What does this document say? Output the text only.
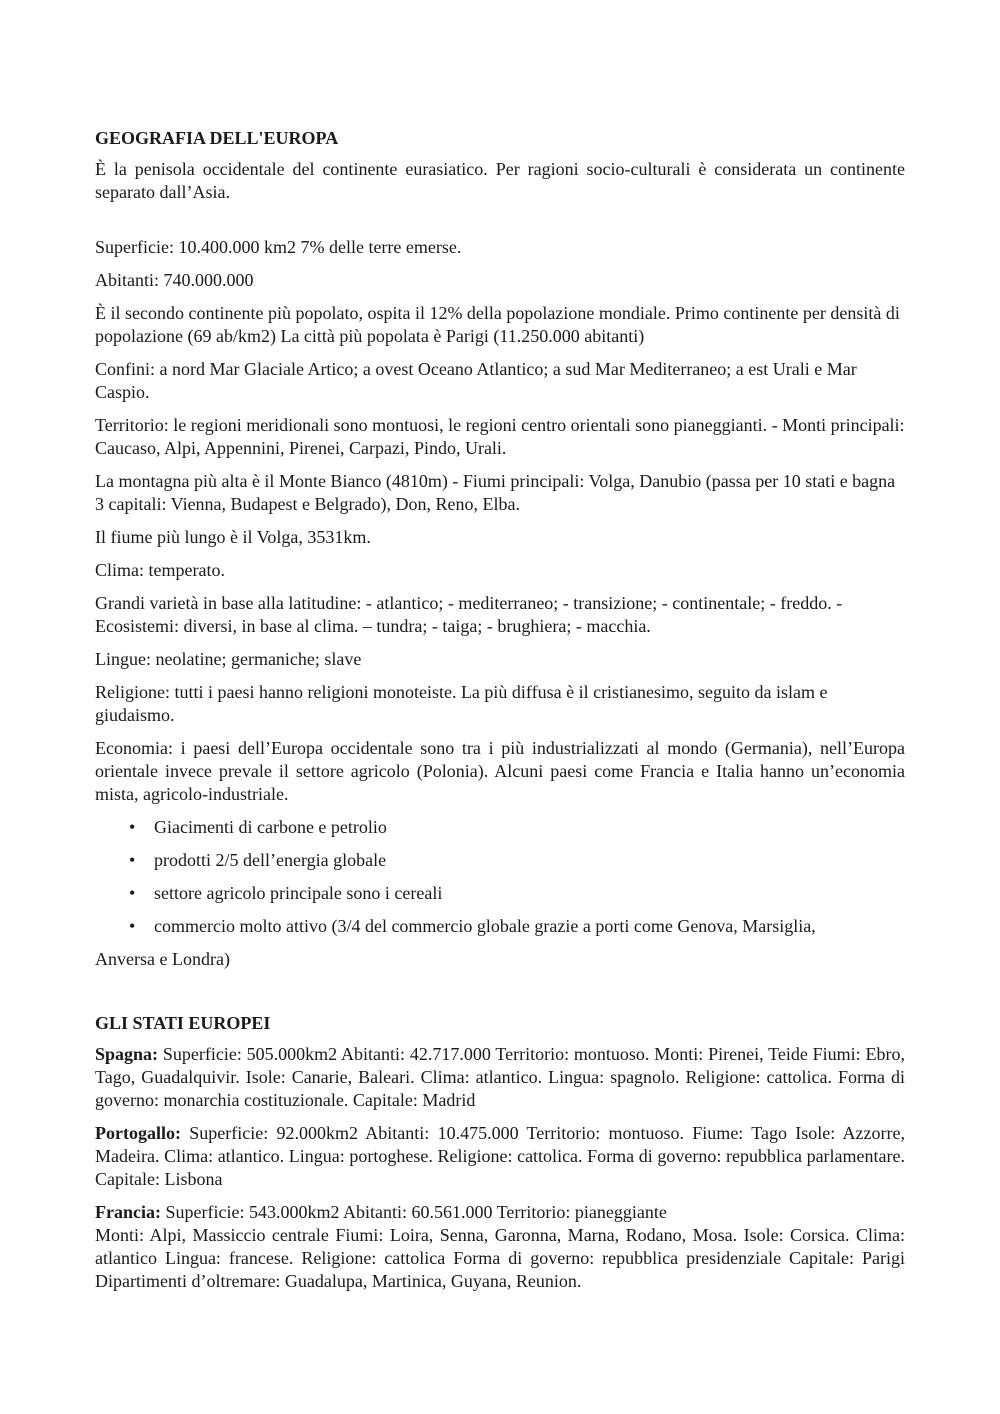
GEOGRAFIA DELL'EUROPA
È la penisola occidentale del continente eurasiatico. Per ragioni socio-culturali è considerata un continente separato dall’Asia.
Superficie: 10.400.000 km2 7% delle terre emerse.
Abitanti: 740.000.000
È il secondo continente più popolato, ospita il 12% della popolazione mondiale. Primo continente per densità di popolazione (69 ab/km2) La città più popolata è Parigi (11.250.000 abitanti)
Confini: a nord Mar Glaciale Artico; a ovest Oceano Atlantico; a sud Mar Mediterraneo; a est Urali e Mar Caspio.
Territorio: le regioni meridionali sono montuosi, le regioni centro orientali sono pianeggianti. - Monti principali: Caucaso, Alpi, Appennini, Pirenei, Carpazi, Pindo, Urali.
La montagna più alta è il Monte Bianco (4810m) - Fiumi principali: Volga, Danubio (passa per 10 stati e bagna 3 capitali: Vienna, Budapest e Belgrado), Don, Reno, Elba.
Il fiume più lungo è il Volga, 3531km.
Clima: temperato.
Grandi varietà in base alla latitudine: - atlantico; - mediterraneo; - transizione; - continentale; - freddo. - Ecosistemi: diversi, in base al clima. – tundra; - taiga; - brughiera; - macchia.
Lingue: neolatine; germaniche; slave
Religione: tutti i paesi hanno religioni monoteiste. La più diffusa è il cristianesimo, seguito da islam e giudaismo.
Economia: i paesi dell’Europa occidentale sono tra i più industrializzati al mondo (Germania), nell’Europa orientale invece prevale il settore agricolo (Polonia). Alcuni paesi come Francia e Italia hanno un’economia mista, agricolo-industriale.
• Giacimenti di carbone e petrolio
• prodotti 2/5 dell’energia globale
• settore agricolo principale sono i cereali
• commercio molto attivo (3/4 del commercio globale grazie a porti come Genova, Marsiglia,
Anversa e Londra)
GLI STATI EUROPEI
Spagna: Superficie: 505.000km2 Abitanti: 42.717.000 Territorio: montuoso. Monti: Pirenei, Teide Fiumi: Ebro, Tago, Guadalquivir. Isole: Canarie, Baleari. Clima: atlantico. Lingua: spagnolo. Religione: cattolica. Forma di governo: monarchia costituzionale. Capitale: Madrid
Portogallo: Superficie: 92.000km2 Abitanti: 10.475.000 Territorio: montuoso. Fiume: Tago Isole: Azzorre, Madeira. Clima: atlantico. Lingua: portoghese. Religione: cattolica. Forma di governo: repubblica parlamentare. Capitale: Lisbona
Francia: Superficie: 543.000km2 Abitanti: 60.561.000 Territorio: pianeggiante
Monti: Alpi, Massiccio centrale Fiumi: Loira, Senna, Garonna, Marna, Rodano, Mosa. Isole: Corsica. Clima: atlantico Lingua: francese. Religione: cattolica Forma di governo: repubblica presidenziale Capitale: Parigi Dipartimenti d’oltremare: Guadalupa, Martinica, Guyana, Reunion.
